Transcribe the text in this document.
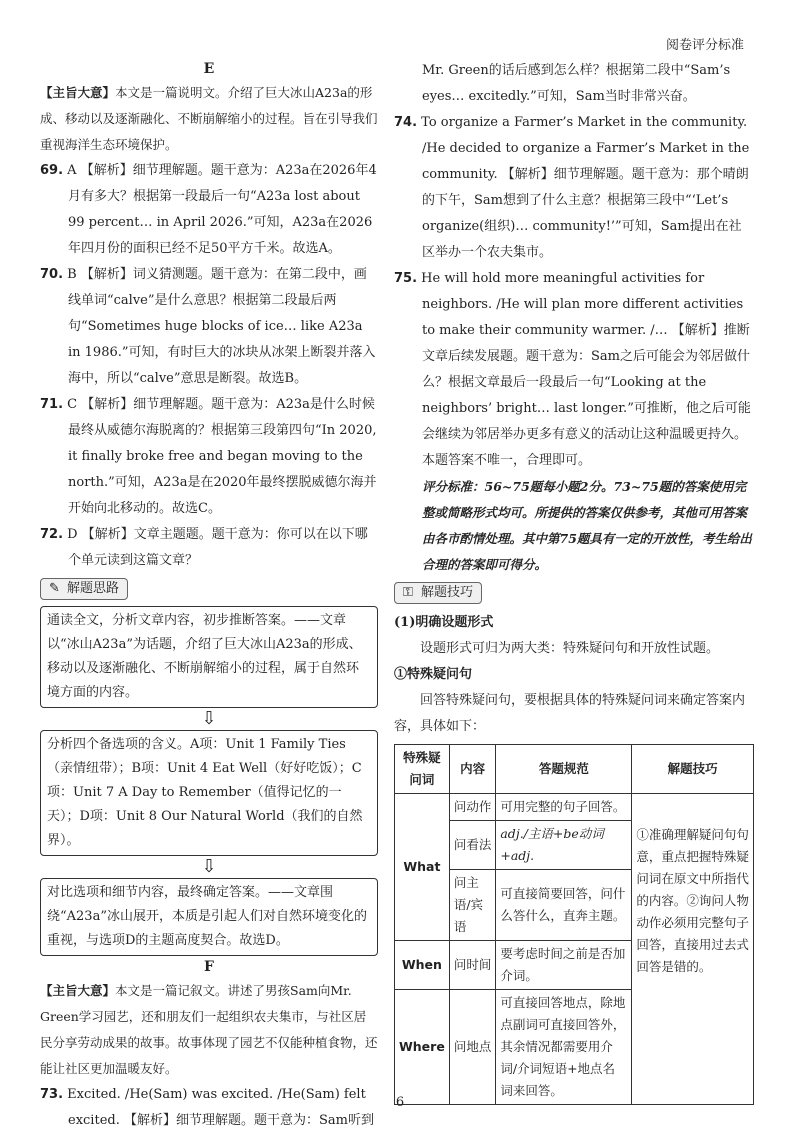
阅卷评分标准

E

【主旨大意】本文是一篇说明文。介绍了巨大冰山A23a的形成、移动以及逐渐融化、不断崩解缩小的过程。旨在引导我们重视海洋生态环境保护。

69. A 【解析】细节理解题。题干意为：A23a在2026年4月有多大？根据第一段最后一句“A23a lost about 99 percent… in April 2026.”可知，A23a在2026年四月份的面积已经不足50平方千米。故选A。

70. B 【解析】词义猜测题。题干意为：在第二段中，画线单词“calve”是什么意思？根据第二段最后两句“Sometimes huge blocks of ice… like A23a in 1986.”可知，有时巨大的冰块从冰架上断裂并落入海中，所以“calve”意思是断裂。故选B。

71. C 【解析】细节理解题。题干意为：A23a是什么时候最终从威德尔海脱离的？根据第三段第四句“In 2020, it finally broke free and began moving to the north.”可知，A23a是在2020年最终摆脱威德尔海并开始向北移动的。故选C。

72. D 【解析】文章主题题。题干意为：你可以在以下哪个单元读到这篇文章？

✎ 解题思路
通读全文，分析文章内容，初步推断答案。——文章以“冰山A23a”为话题，介绍了巨大冰山A23a的形成、移动以及逐渐融化、不断崩解缩小的过程，属于自然环境方面的内容。
⇩
分析四个备选项的含义。A项：Unit 1 Family Ties（亲情纽带）；B项：Unit 4 Eat Well（好好吃饭）；C项：Unit 7 A Day to Remember（值得记忆的一天）；D项：Unit 8 Our Natural World（我们的自然界）。
⇩
对比选项和细节内容，最终确定答案。——文章围绕“A23a”冰山展开，本质是引起人们对自然环境变化的重视，与选项D的主题高度契合。故选D。

F

【主旨大意】本文是一篇记叙文。讲述了男孩Sam向Mr. Green学习园艺，还和朋友们一起组织农夫集市，与社区居民分享劳动成果的故事。故事体现了园艺不仅能种植食物，还能让社区更加温暖友好。

73. Excited. /He(Sam) was excited. /He(Sam) felt excited. 【解析】细节理解题。题干意为：Sam听到

Mr. Green的话后感到怎么样？根据第二段中“Sam’s eyes… excitedly.”可知，Sam当时非常兴奋。

74. To organize a Farmer’s Market in the community. /He decided to organize a Farmer’s Market in the community. 【解析】细节理解题。题干意为：那个晴朗的下午，Sam想到了什么主意？根据第三段中“‘Let’s organize(组织)… community!’”可知，Sam提出在社区举办一个农夫集市。

75. He will hold more meaningful activities for neighbors. /He will plan more different activities to make their community warmer. /… 【解析】推断文章后续发展题。题干意为：Sam之后可能会为邻居做什么？根据文章最后一段最后一句“Looking at the neighbors’ bright… last longer.”可推断，他之后可能会继续为邻居举办更多有意义的活动让这种温暖更持久。本题答案不唯一，合理即可。

评分标准：56~75题每小题2分。73~75题的答案使用完整或简略形式均可。所提供的答案仅供参考，其他可用答案由各市酌情处理。其中第75题具有一定的开放性，考生给出合理的答案即可得分。

⚿ 解题技巧

(1)明确设题形式

设题形式可归为两大类：特殊疑问句和开放性试题。

①特殊疑问句

回答特殊疑问句，要根据具体的特殊疑问词来确定答案内容，具体如下：

特殊疑问词	内容	答题规范	解题技巧
What	问动作	可用完整的句子回答。	①准确理解疑问句句意，重点把握特殊疑问词在原文中所指代的内容。②询问人物动作必须用完整句子回答，直接用过去式回答是错的。
	问看法	adj./主语+be动词+adj.	
	问主语/宾语	可直接简要回答，问什么答什么，直奔主题。	
When	问时间	要考虑时间之前是否加介词。	
Where	问地点	可直接回答地点，除地点副词可直接回答外，其余情况都需要用介词/介词短语+地点名词来回答。	
6
